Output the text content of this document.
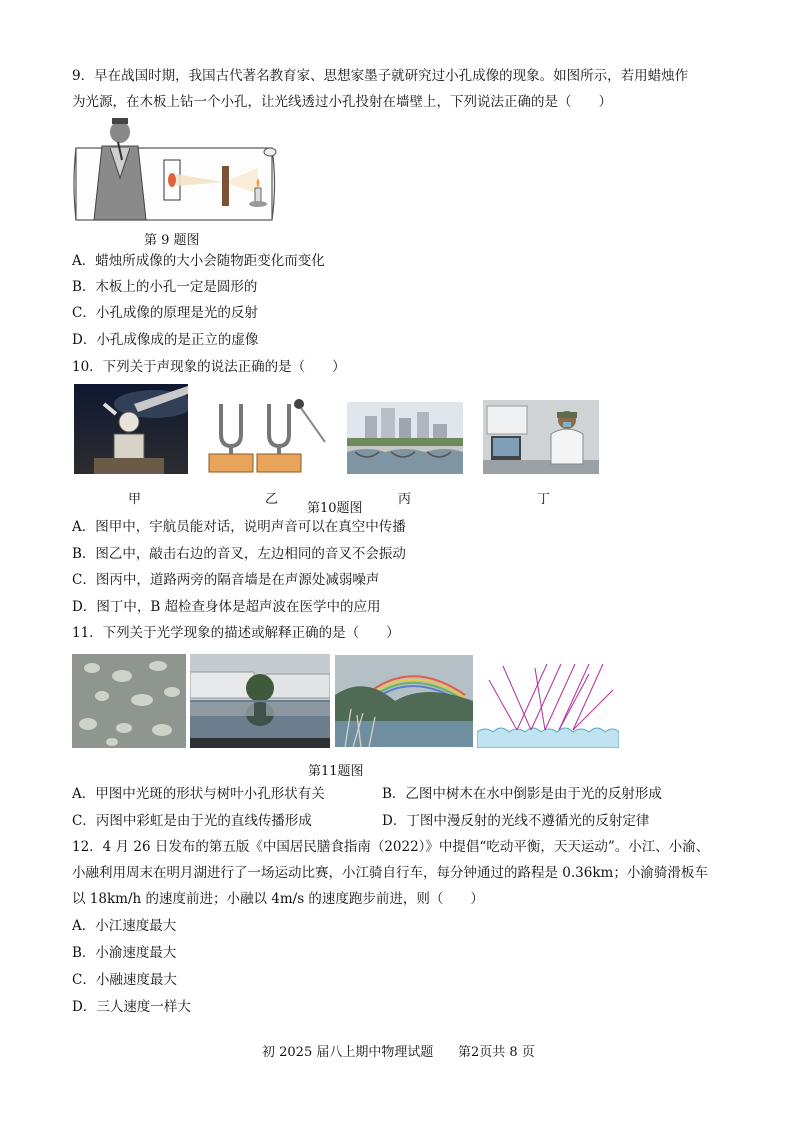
9．早在战国时期，我国古代著名教育家、思想家墨子就研究过小孔成像的现象。如图所示，若用蜡烛作
为光源，在木板上钻一个小孔，让光线透过小孔投射在墙壁上，下列说法正确的是（　　）
第 9 题图
A．蜡烛所成像的大小会随物距变化而变化
B．木板上的小孔一定是圆形的
C．小孔成像的原理是光的反射
D．小孔成像成的是正立的虚像
10．下列关于声现象的说法正确的是（　　）
甲	乙	丙	丁
第10题图
A．图甲中，宇航员能对话，说明声音可以在真空中传播
B．图乙中，敲击右边的音叉，左边相同的音叉不会振动
C．图丙中，道路两旁的隔音墙是在声源处减弱噪声
D．图丁中，B 超检查身体是超声波在医学中的应用
11．下列关于光学现象的描述或解释正确的是（　　）
第11题图
A．甲图中光斑的形状与树叶小孔形状有关	B．乙图中树木在水中倒影是由于光的反射形成
C．丙图中彩虹是由于光的直线传播形成	D．丁图中漫反射的光线不遵循光的反射定律
12．4 月 26 日发布的第五版《中国居民膳食指南（2022）》中提倡“吃动平衡，天天运动”。小江、小渝、
小融利用周末在明月湖进行了一场运动比赛，小江骑自行车，每分钟通过的路程是 0.36km；小渝骑滑板车
以 18km/h 的速度前进；小融以 4m/s 的速度跑步前进，则（　　）
A．小江速度最大
B．小渝速度最大
C．小融速度最大
D．三人速度一样大
初 2025 届八上期中物理试题 第2页共 8 页
